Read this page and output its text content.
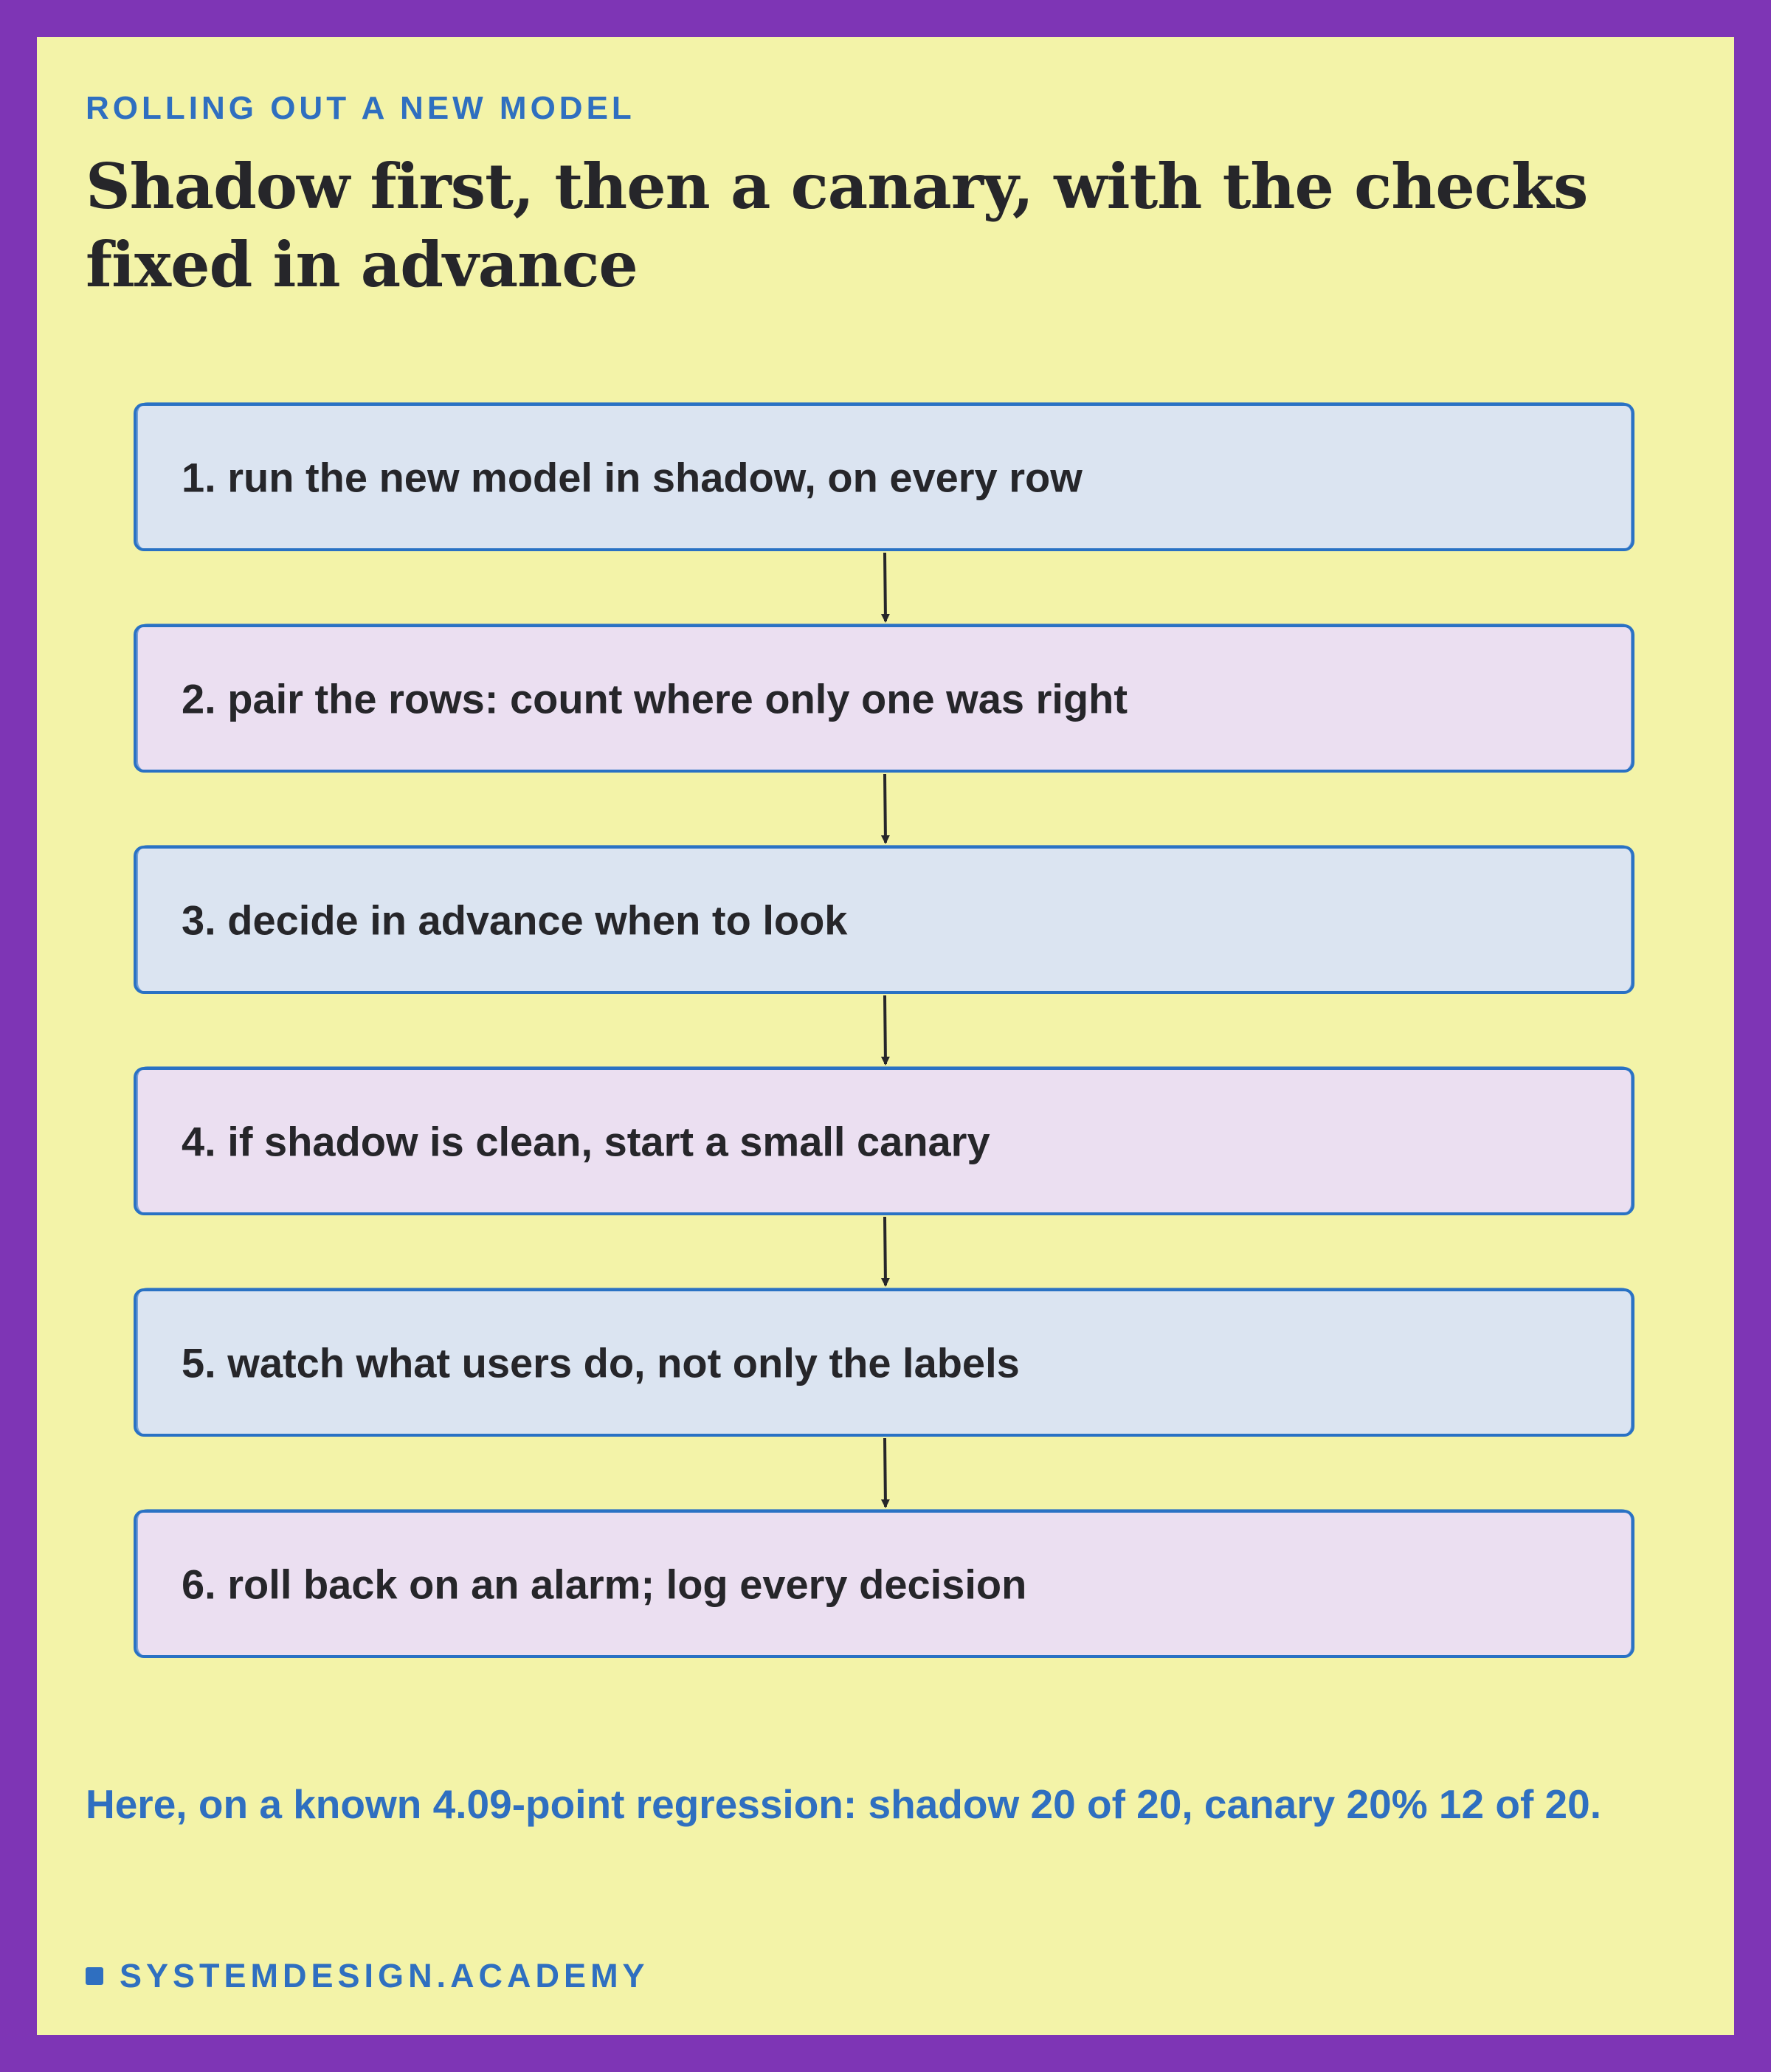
ROLLING OUT A NEW MODEL
Shadow first, then a canary, with the checks fixed in advance
1. run the new model in shadow, on every row
2. pair the rows: count where only one was right
3. decide in advance when to look
4. if shadow is clean, start a small canary
5. watch what users do, not only the labels
6. roll back on an alarm; log every decision
Here, on a known 4.09-point regression: shadow 20 of 20, canary 20% 12 of 20.
SYSTEMDESIGN.ACADEMY
